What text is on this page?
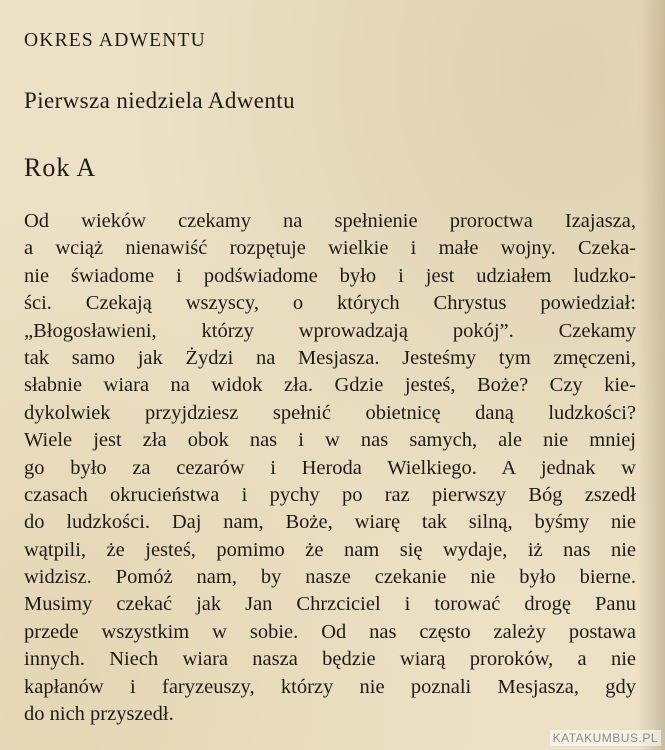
OKRES ADWENTU
Pierwsza niedziela Adwentu
Rok A
Od wieków czekamy na spełnienie proroctwa Izajasza,
a wciąż nienawiść rozpętuje wielkie i małe wojny. Czeka-
nie świadome i podświadome było i jest udziałem ludzko-
ści. Czekają wszyscy, o których Chrystus powiedział:
„Błogosławieni, którzy wprowadzają pokój”. Czekamy
tak samo jak Żydzi na Mesjasza. Jesteśmy tym zmęczeni,
słabnie wiara na widok zła. Gdzie jesteś, Boże? Czy kie-
dykolwiek przyjdziesz spełnić obietnicę daną ludzkości?
Wiele jest zła obok nas i w nas samych, ale nie mniej
go było za cezarów i Heroda Wielkiego. A jednak w
czasach okrucieństwa i pychy po raz pierwszy Bóg zszedł
do ludzkości. Daj nam, Boże, wiarę tak silną, byśmy nie
wątpili, że jesteś, pomimo że nam się wydaje, iż nas nie
widzisz. Pomóż nam, by nasze czekanie nie było bierne.
Musimy czekać jak Jan Chrzciciel i torować drogę Panu
przede wszystkim w sobie. Od nas często zależy postawa
innych. Niech wiara nasza będzie wiarą proroków, a nie
kapłanów i faryzeuszy, którzy nie poznali Mesjasza, gdy
do nich przyszedł.
KATAKUMBUS.PL
